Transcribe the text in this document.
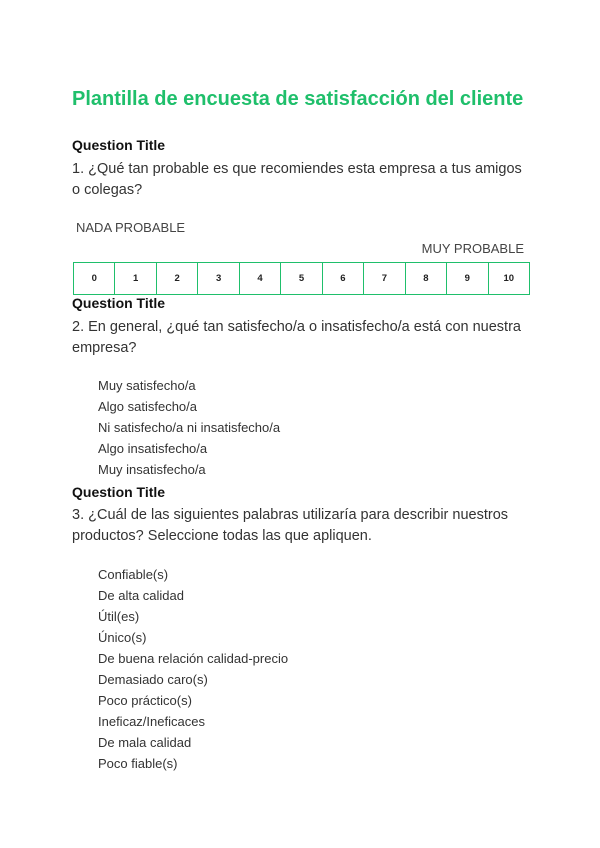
Plantilla de encuesta de satisfacción del cliente
Question Title

1. ¿Qué tan probable es que recomiendes esta empresa a tus amigos o colegas?

NADA PROBABLE
MUY PROBABLE
0	1	2	3	4	5	6	7	8	9	10
Question Title

2. En general, ¿qué tan satisfecho/a o insatisfecho/a está con nuestra empresa?

Muy satisfecho/a
Algo satisfecho/a
Ni satisfecho/a ni insatisfecho/a
Algo insatisfecho/a
Muy insatisfecho/a
Question Title

3. ¿Cuál de las siguientes palabras utilizaría para describir nuestros productos? Seleccione todas las que apliquen.

Confiable(s)
De alta calidad
Útil(es)
Único(s)
De buena relación calidad-precio
Demasiado caro(s)
Poco práctico(s)
Ineficaz/Ineficaces
De mala calidad
Poco fiable(s)
